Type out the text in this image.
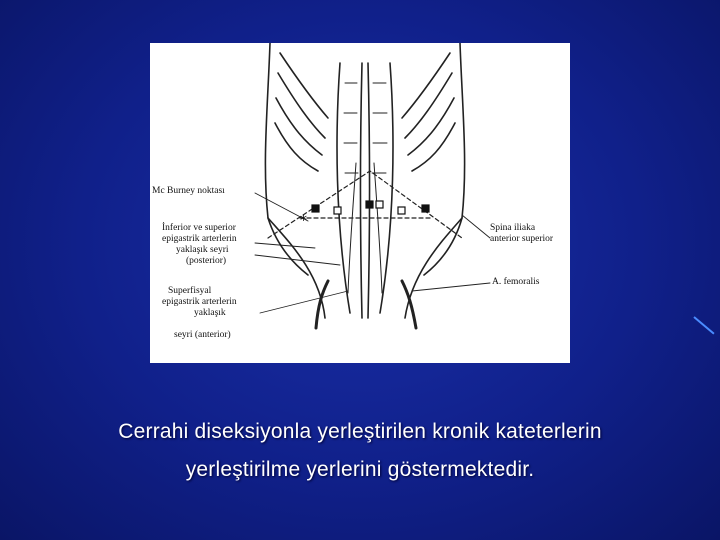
*
Mc Burney noktası
İnferior ve superior
epigastrik arterlerin
yaklaşık seyri
(posterior)
Superfisyal
epigastrik arterlerin
yaklaşık
seyri (anterior)
Spina iliaka
anterior superior
A. femoralis
Cerrahi diseksiyonla yerleştirilen kronik kateterlerin
yerleştirilme yerlerini göstermektedir.
